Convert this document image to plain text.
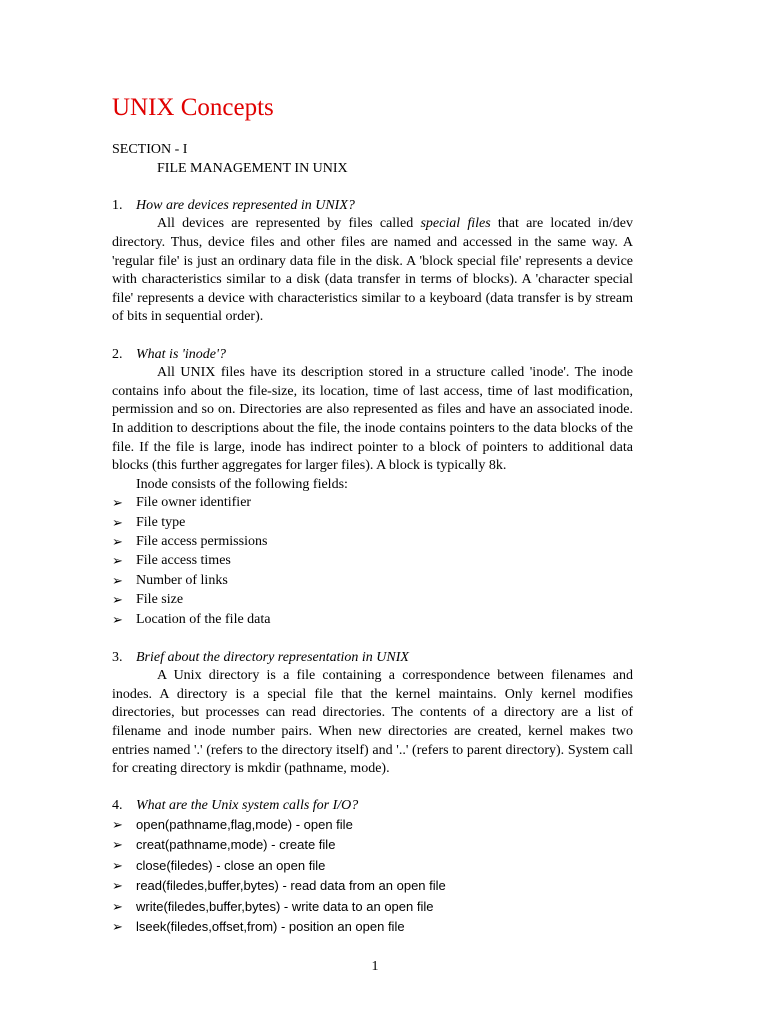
UNIX Concepts

SECTION - I

FILE MANAGEMENT IN UNIX

1. How are devices represented in UNIX?

All devices are represented by files called special files that are located in/dev directory. Thus, device files and other files are named and accessed in the same way. A 'regular file' is just an ordinary data file in the disk. A 'block special file' represents a device with characteristics similar to a disk (data transfer in terms of blocks). A 'character special file' represents a device with characteristics similar to a keyboard (data transfer is by stream of bits in sequential order).

2. What is 'inode'?

All UNIX files have its description stored in a structure called 'inode'. The inode contains info about the file-size, its location, time of last access, time of last modification, permission and so on. Directories are also represented as files and have an associated inode. In addition to descriptions about the file, the inode contains pointers to the data blocks of the file. If the file is large, inode has indirect pointer to a block of pointers to additional data blocks (this further aggregates for larger files). A block is typically 8k.

Inode consists of the following fields:

➢ File owner identifier
➢ File type
➢ File access permissions
➢ File access times
➢ Number of links
➢ File size
➢ Location of the file data

3. Brief about the directory representation in UNIX

A Unix directory is a file containing a correspondence between filenames and inodes. A directory is a special file that the kernel maintains. Only kernel modifies directories, but processes can read directories. The contents of a directory are a list of filename and inode number pairs. When new directories are created, kernel makes two entries named '.' (refers to the directory itself) and '..' (refers to parent directory). System call for creating directory is mkdir (pathname, mode).

4. What are the Unix system calls for I/O?

➢	open(pathname,flag,mode) - open file
➢	creat(pathname,mode) - create file
➢	close(filedes) - close an open file
➢	read(filedes,buffer,bytes) - read data from an open file
➢	write(filedes,buffer,bytes) - write data to an open file
➢	lseek(filedes,offset,from) - position an open file
1
